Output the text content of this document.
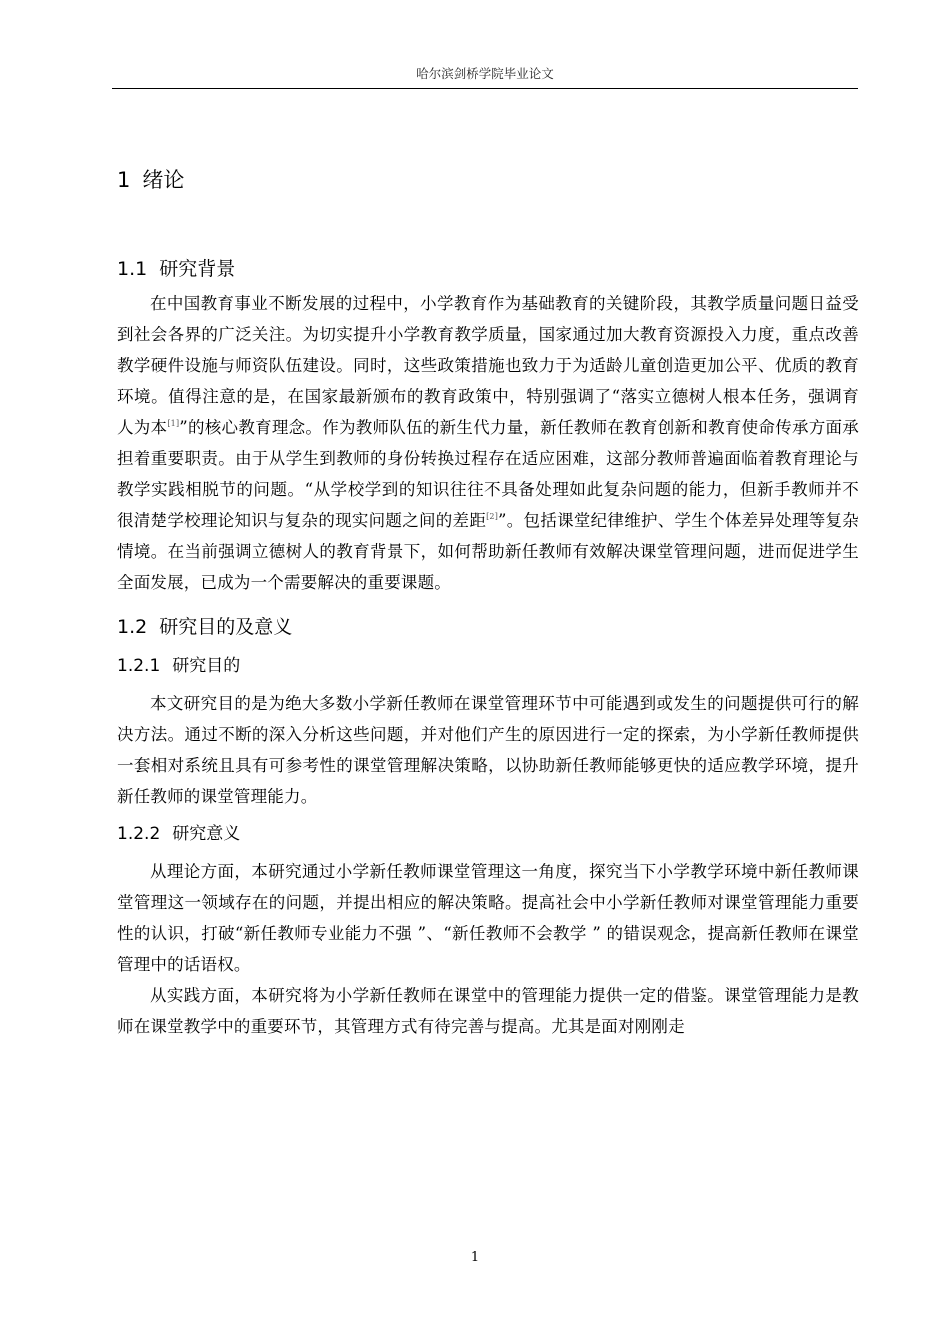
哈尔滨剑桥学院毕业论文
1 绪论
1.1 研究背景

在中国教育事业不断发展的过程中，小学教育作为基础教育的关键阶段，其教学质量问题日益受到社会各界的广泛关注。为切实提升小学教育教学质量，国家通过加大教育资源投入力度，重点改善教学硬件设施与师资队伍建设。同时，这些政策措施也致力于为适龄儿童创造更加公平、优质的教育环境。值得注意的是，在国家最新颁布的教育政策中，特别强调了“落实立德树人根本任务，强调育人为本[1]”的核心教育理念。作为教师队伍的新生代力量，新任教师在教育创新和教育使命传承方面承担着重要职责。由于从学生到教师的身份转换过程存在适应困难，这部分教师普遍面临着教育理论与教学实践相脱节的问题。“从学校学到的知识往往不具备处理如此复杂问题的能力，但新手教师并不很清楚学校理论知识与复杂的现实问题之间的差距[2]”。包括课堂纪律维护、学生个体差异处理等复杂情境。在当前强调立德树人的教育背景下，如何帮助新任教师有效解决课堂管理问题，进而促进学生全面发展，已成为一个需要解决的重要课题。

1.2 研究目的及意义
1.2.1 研究目的

本文研究目的是为绝大多数小学新任教师在课堂管理环节中可能遇到或发生的问题提供可行的解决方法。通过不断的深入分析这些问题，并对他们产生的原因进行一定的探索，为小学新任教师提供一套相对系统且具有可参考性的课堂管理解决策略，以协助新任教师能够更快的适应教学环境，提升新任教师的课堂管理能力。

1.2.2 研究意义

从理论方面，本研究通过小学新任教师课堂管理这一角度，探究当下小学教学环境中新任教师课堂管理这一领域存在的问题，并提出相应的解决策略。提高社会中小学新任教师对课堂管理能力重要性的认识，打破“新任教师专业能力不强 ”、“新任教师不会教学 ” 的错误观念，提高新任教师在课堂管理中的话语权。

从实践方面，本研究将为小学新任教师在课堂中的管理能力提供一定的借鉴。课堂管理能力是教师在课堂教学中的重要环节，其管理方式有待完善与提高。尤其是面对刚刚走

1
